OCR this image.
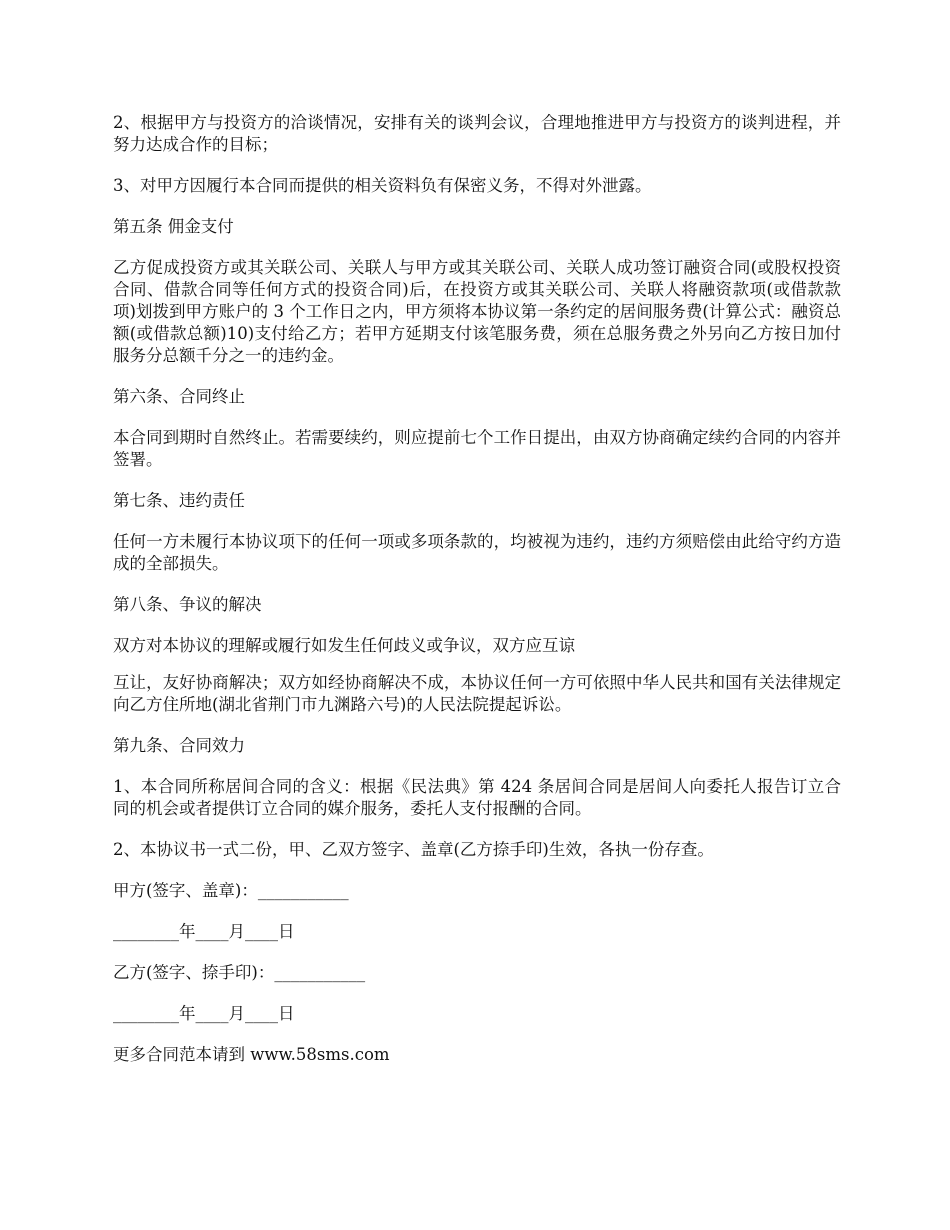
2、根据甲方与投资方的洽谈情况，安排有关的谈判会议，合理地推进甲方与投资方的谈判进程，并努力达成合作的目标；

3、对甲方因履行本合同而提供的相关资料负有保密义务，不得对外泄露。

第五条 佣金支付

乙方促成投资方或其关联公司、关联人与甲方或其关联公司、关联人成功签订融资合同(或股权投资合同、借款合同等任何方式的投资合同)后，在投资方或其关联公司、关联人将融资款项(或借款款项)划拨到甲方账户的 3 个工作日之内，甲方须将本协议第一条约定的居间服务费(计算公式：融资总额(或借款总额)10)支付给乙方；若甲方延期支付该笔服务费，须在总服务费之外另向乙方按日加付服务分总额千分之一的违约金。

第六条、合同终止

本合同到期时自然终止。若需要续约，则应提前七个工作日提出，由双方协商确定续约合同的内容并签署。

第七条、违约责任

任何一方未履行本协议项下的任何一项或多项条款的，均被视为违约，违约方须赔偿由此给守约方造成的全部损失。

第八条、争议的解决

双方对本协议的理解或履行如发生任何歧义或争议，双方应互谅

互让，友好协商解决；双方如经协商解决不成，本协议任何一方可依照中华人民共和国有关法律规定向乙方住所地(湖北省荆门市九渊路六号)的人民法院提起诉讼。

第九条、合同效力

1、本合同所称居间合同的含义：根据《民法典》第 424 条居间合同是居间人向委托人报告订立合同的机会或者提供订立合同的媒介服务，委托人支付报酬的合同。

2、本协议书一式二份，甲、乙双方签字、盖章(乙方捺手印)生效，各执一份存查。

甲方(签字、盖章)：___________

________年____月____日

乙方(签字、捺手印)：___________

________年____月____日

更多合同范本请到 www.58sms.com
